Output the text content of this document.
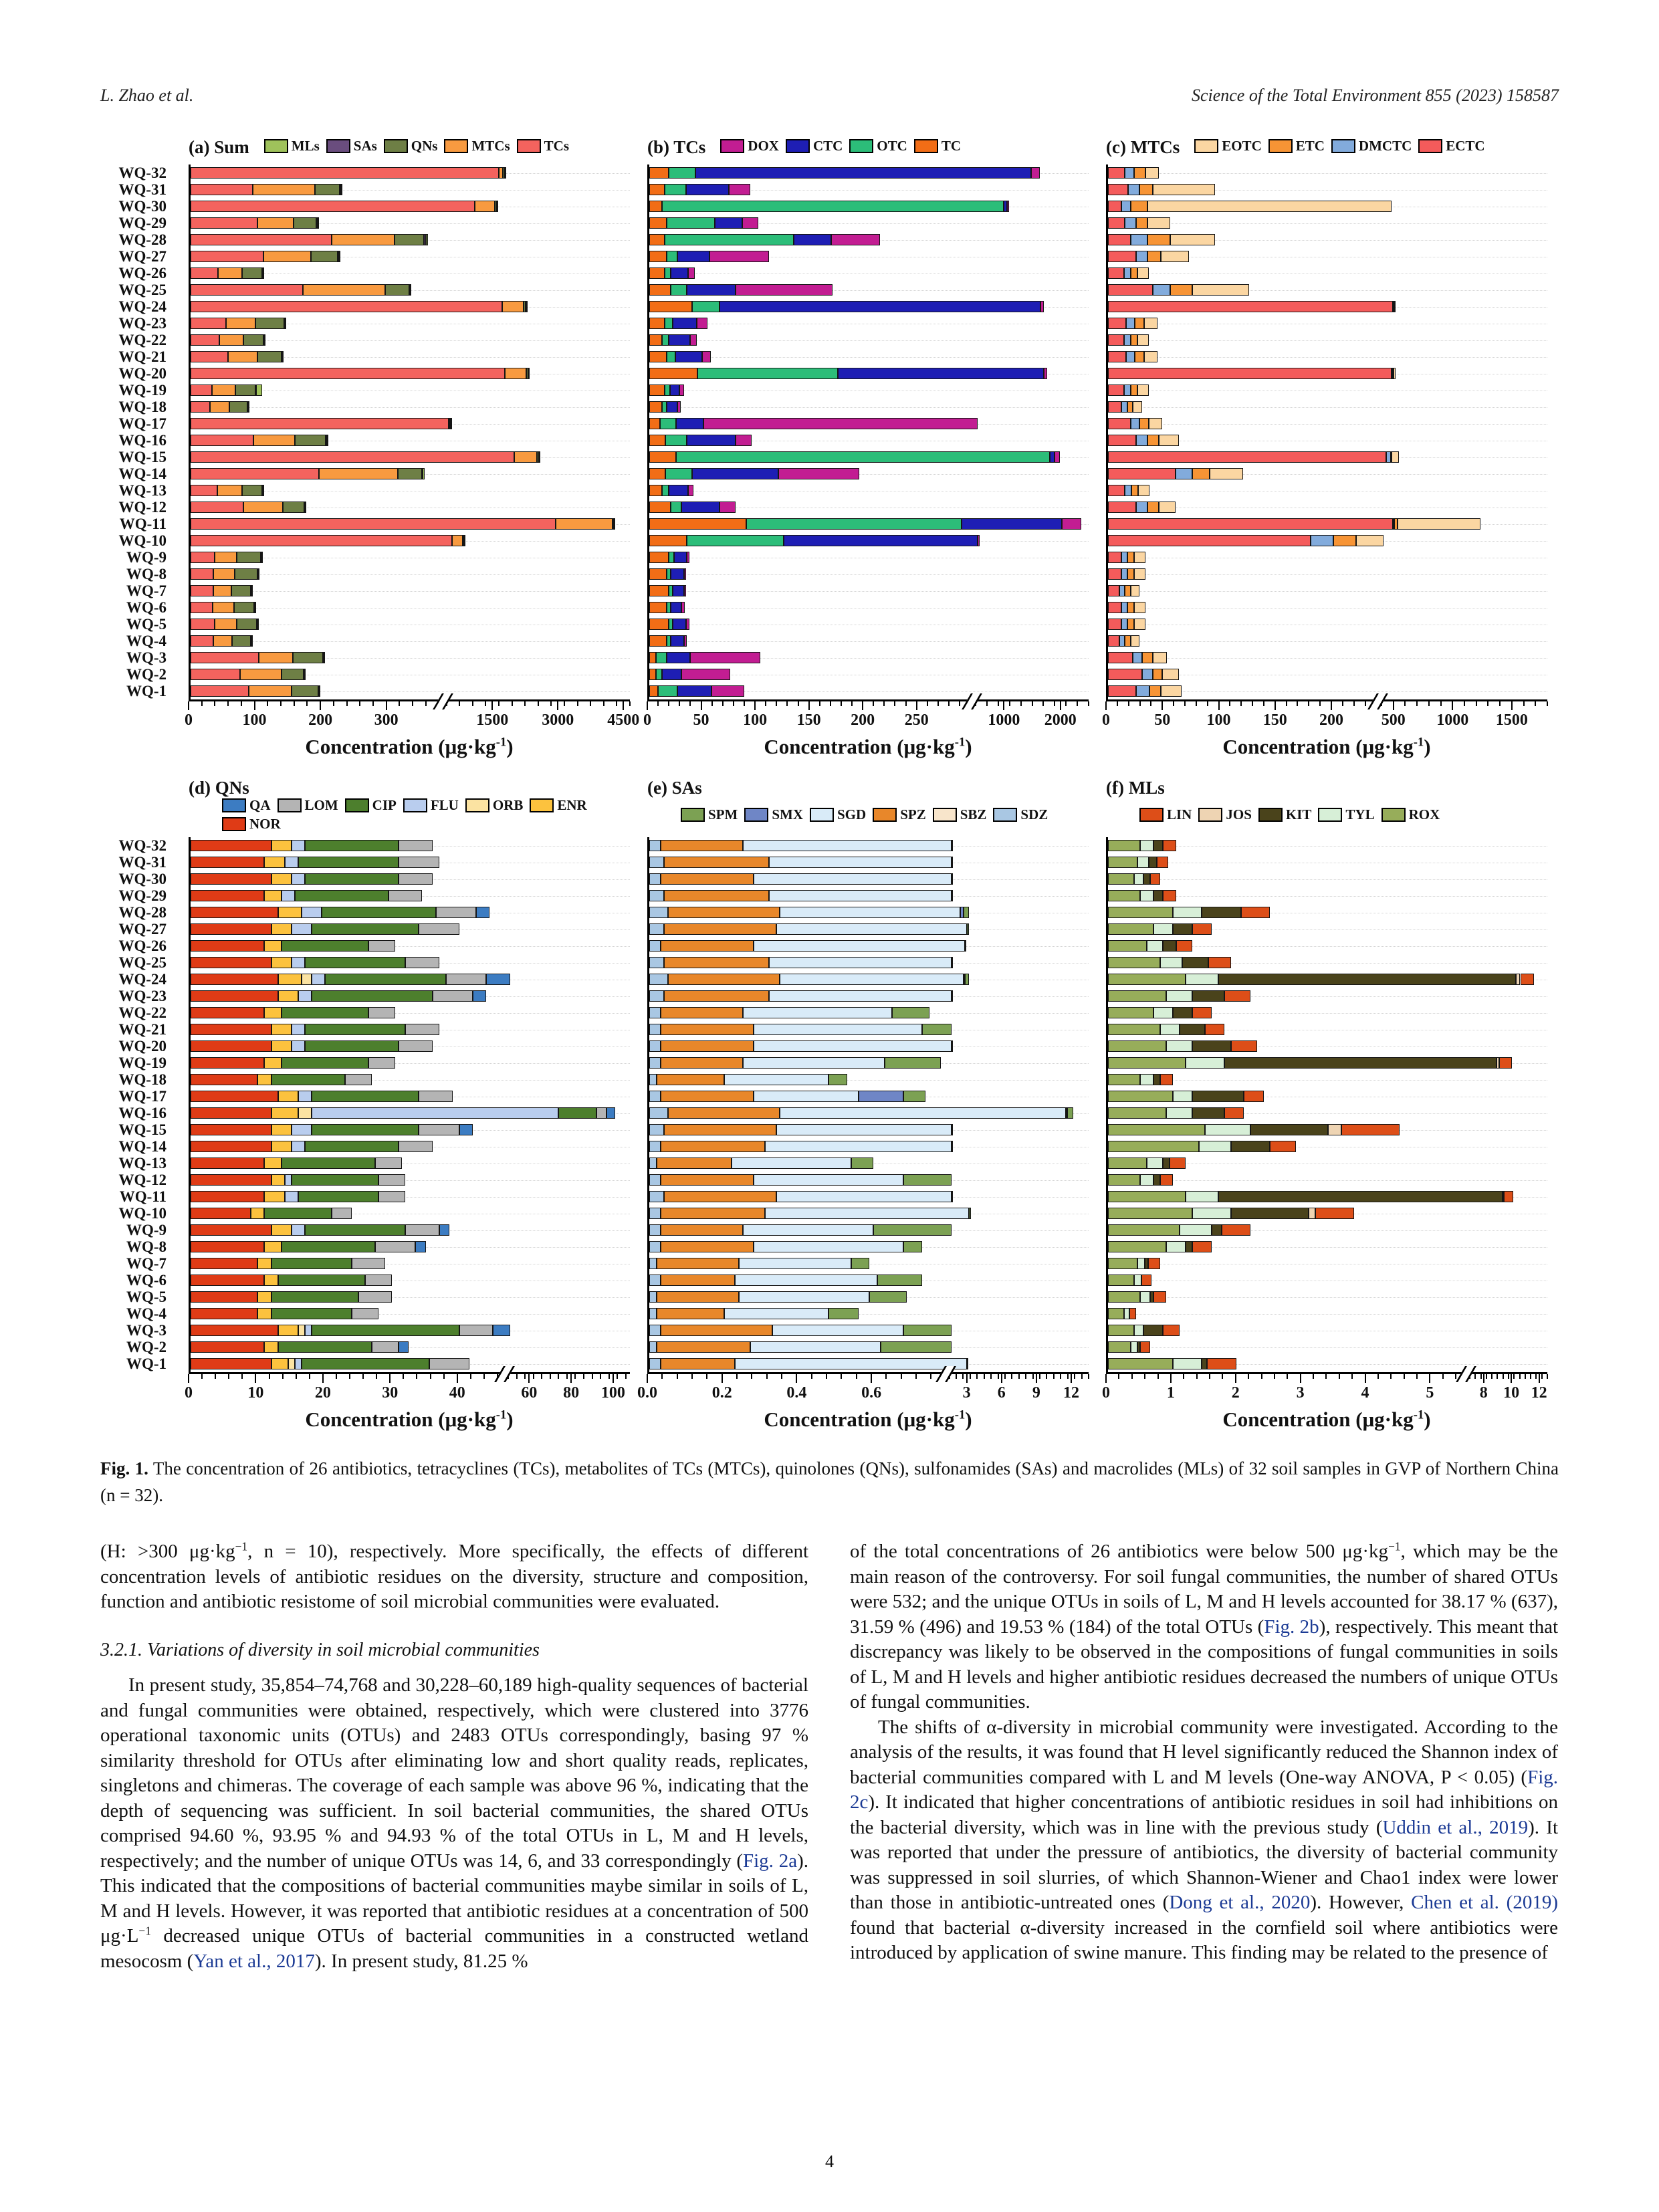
L. Zhao et al.	Science of the Total Environment 855 (2023) 158587
WQ-32
WQ-31
WQ-30
WQ-29
WQ-28
WQ-27
WQ-26
WQ-25
WQ-24
WQ-23
WQ-22
WQ-21
WQ-20
WQ-19
WQ-18
WQ-17
WQ-16
WQ-15
WQ-14
WQ-13
WQ-12
WQ-11
WQ-10
WQ-9
WQ-8
WQ-7
WQ-6
WQ-5
WQ-4
WQ-3
WQ-2
WQ-1
(a) Sum	MLs SAs QNs MTCs TCs
0	100	200	300	1500	3000	4500
Concentration $(\mu g\cdot kg^{-1})$
(b) TCs	DOX CTC OTC TC
0	50	100	150	200	250	1000	2000
Concentration $(\mu g\cdot kg^{-1})$
(c) MTCs	EOTC ETC DMCTC ECTC
0	50	100	150	200	500	1000	1500
Concentration $(\mu g\cdot kg^{-1})$
WQ-32
WQ-31
WQ-30
WQ-29
WQ-28
WQ-27
WQ-26
WQ-25
WQ-24
WQ-23
WQ-22
WQ-21
WQ-20
WQ-19
WQ-18
WQ-17
WQ-16
WQ-15
WQ-14
WQ-13
WQ-12
WQ-11
WQ-10
WQ-9
WQ-8
WQ-7
WQ-6
WQ-5
WQ-4
WQ-3
WQ-2
WQ-1
(d) QNs
QA LOM CIP FLU ORB ENR
NOR
0	10	20	30	40	60	80	100
Concentration $(\mu g\cdot kg^{-1})$
(e) SAs
SPM SMX SGD SPZ SBZ SDZ
0.0	0.2	0.4	0.6	3	6	9	12
Concentration $(\mu g\cdot kg^{-1})$
(f) MLs
LIN JOS KIT TYL ROX
0	1	2	3	4	5	8 10 12
Concentration $(\mu g\cdot kg^{-1})$
Fig. 1. The concentration of 26 antibiotics, tetracyclines (TCs), metabolites of TCs (MTCs), quinolones (QNs), sulfonamides (SAs) and macrolides (MLs) of 32 soil samples in GVP of Northern China (n = 32).

(H: >300 $\mu g\cdot kg^{-1}$, n = 10), respectively. More specifically, the effects of different concentration levels of antibiotic residues on the diversity, structure and composition, function and antibiotic resistome of soil microbial communities were evaluated.

3.2.1. Variations of diversity in soil microbial communities

In present study, 35,854–74,768 and 30,228–60,189 high-quality sequences of bacterial and fungal communities were obtained, respectively, which were clustered into 3776 operational taxonomic units (OTUs) and 2483 OTUs correspondingly, basing 97 % similarity threshold for OTUs after eliminating low and short quality reads, replicates, singletons and chimeras. The coverage of each sample was above 96 %, indicating that the depth of sequencing was sufficient. In soil bacterial communities, the shared OTUs comprised 94.60 %, 93.95 % and 94.93 % of the total OTUs in L, M and H levels, respectively; and the number of unique OTUs was 14, 6, and 33 correspondingly (Fig. 2a). This indicated that the compositions of bacterial communities maybe similar in soils of L, M and H levels. However, it was reported that antibiotic residues at a concentration of 500 $\mu g\cdot L^{-1}$ decreased unique OTUs of bacterial communities in a constructed wetland mesocosm (Yan et al., 2017). In present study, 81.25 %

of the total concentrations of 26 antibiotics were below 500 $\mu g\cdot kg^{-1}$, which may be the main reason of the controversy. For soil fungal communities, the number of shared OTUs were 532; and the unique OTUs in soils of L, M and H levels accounted for 38.17 % (637), 31.59 % (496) and 19.53 % (184) of the total OTUs (Fig. 2b), respectively. This meant that discrepancy was likely to be observed in the compositions of fungal communities in soils of L, M and H levels and higher antibiotic residues decreased the numbers of unique OTUs of fungal communities.

The shifts of α-diversity in microbial community were investigated. According to the analysis of the results, it was found that H level significantly reduced the Shannon index of bacterial communities compared with L and M levels (One-way ANOVA, P < 0.05) (Fig. 2c). It indicated that higher concentrations of antibiotic residues in soil had inhibitions on the bacterial diversity, which was in line with the previous study (Uddin et al., 2019). It was reported that under the pressure of antibiotics, the diversity of bacterial community was suppressed in soil slurries, of which Shannon-Wiener and Chao1 index were lower than those in antibiotic-untreated ones (Dong et al., 2020). However, Chen et al. (2019) found that bacterial α-diversity increased in the cornfield soil where antibiotics were introduced by application of swine manure. This finding may be related to the presence of

4
